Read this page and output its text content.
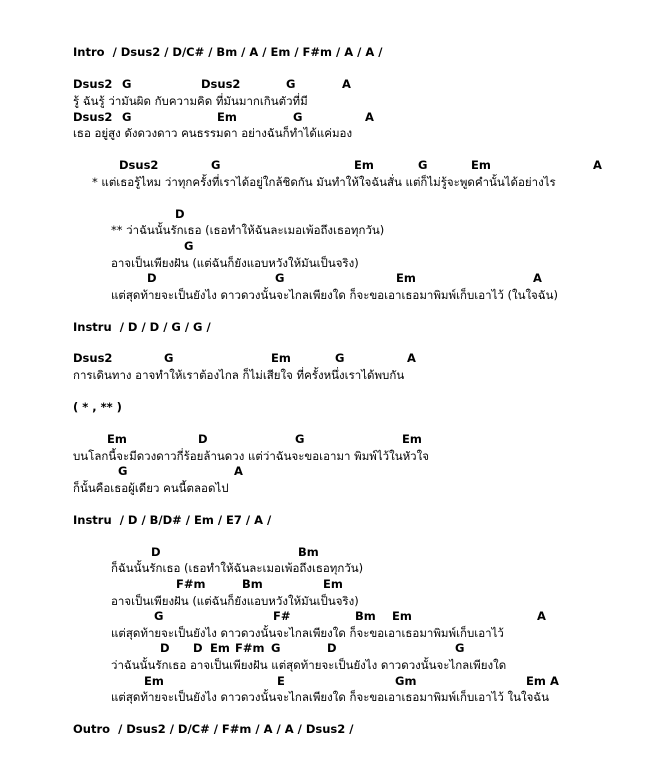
Intro / Dsus2 / D/C# / Bm / A / Em / F#m / A / A /
Dsus2 G	Dsus2	G	A
รู้ ฉันรู้ ว่ามันผิด กับความคิด ที่มันมากเกินตัวที่มี
Dsus2 G	Em	G	A
เธอ อยู่สูง ดังดวงดาว คนธรรมดา อย่างฉันก็ทำได้แค่มอง
Dsus2	G	Em	G	Em	A
* แต่เธอรู้ไหม ว่าทุกครั้งที่เราได้อยู่ใกล้ชิดกัน มันทำให้ใจฉันสั่น แต่ก็ไม่รู้จะพูดคำนั้นได้อย่างไร
D
** ว่าฉันนั้นรักเธอ (เธอทำให้ฉันละเมอเพ้อถึงเธอทุกวัน)
G
อาจเป็นเพียงฝัน (แต่ฉันก็ยังแอบหวังให้มันเป็นจริง)
D	G	Em	A
แต่สุดท้ายจะเป็นยังไง ดาวดวงนั้นจะไกลเพียงใด ก็จะขอเอาเธอมาพิมพ์เก็บเอาไว้ (ในใจฉัน)
Instru / D / D / G / G /
Dsus2	G	Em	G	A
การเดินทาง อาจทำให้เราต้องไกล ก็ไม่เสียใจ ที่ครั้งหนึ่งเราได้พบกัน
( * , ** )
Em	D	G	Em
บนโลกนี้จะมีดวงดาวกี่ร้อยล้านดวง แต่ว่าฉันจะขอเอามา พิมพ์ไว้ในหัวใจ
G	A
ก็นั้นคือเธอผู้เดียว คนนี้ตลอดไป
Instru / D / B/D# / Em / E7 / A /
D	Bm
ก็ฉันนั้นรักเธอ (เธอทำให้ฉันละเมอเพ้อถึงเธอทุกวัน)
F#m	Bm	Em
อาจเป็นเพียงฝัน (แต่ฉันก็ยังแอบหวังให้มันเป็นจริง)
G	F#	Bm Em	A
แต่สุดท้ายจะเป็นยังไง ดาวดวงนั้นจะไกลเพียงใด ก็จะขอเอาเธอมาพิมพ์เก็บเอาไว้
D D Em F#m G	D	G
ว่าฉันนั้นรักเธอ อาจเป็นเพียงฝัน แต่สุดท้ายจะเป็นยังไง ดาวดวงนั้นจะไกลเพียงใด
Em	E	Gm	Em A
แต่สุดท้ายจะเป็นยังไง ดาวดวงนั้นจะไกลเพียงใด ก็จะขอเอาเธอมาพิมพ์เก็บเอาไว้ ในใจฉัน
Outro / Dsus2 / D/C# / F#m / A / A / Dsus2 /
